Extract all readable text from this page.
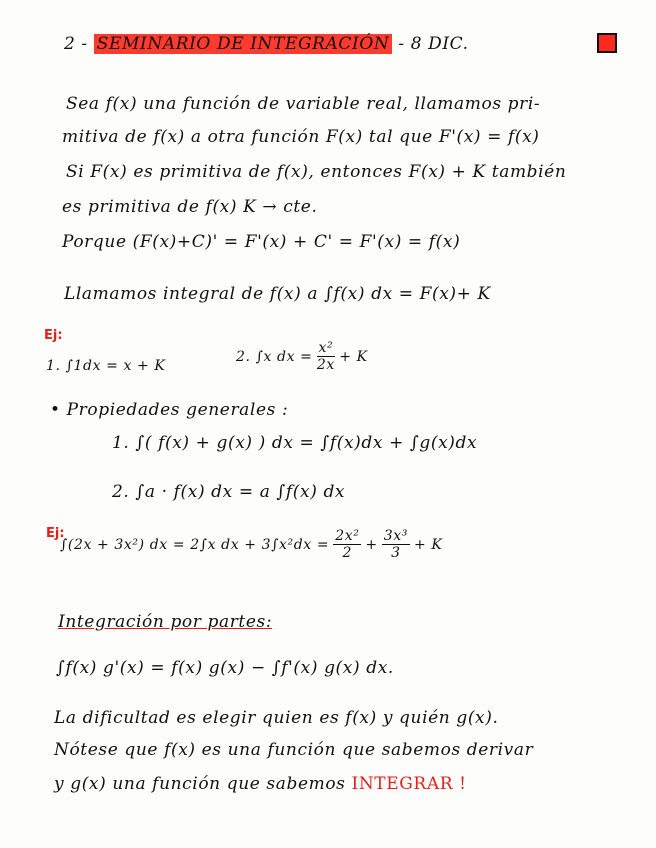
2 - SEMINARIO DE INTEGRACIÓN - 8 DIC.
Sea f(x) una función de variable real, llamamos pri-
mitiva de f(x) a otra función F(x) tal que F'(x) = f(x)
Si F(x) es primitiva de f(x), entonces F(x) + K también
es primitiva de f(x) K → cte.
Porque (F(x)+C)' = F'(x) + C' = F'(x) = f(x)
Llamamos integral de f(x) a ∫f(x) dx = F(x)+ K
Ej:
1. ∫1dx = x + K
2. ∫x dx = $\frac{\text{x²}}{2x} + K$
• Propiedades generales :
1. ∫( f(x) + g(x) ) dx = ∫f(x)dx + ∫g(x)dx
2. ∫a · f(x) dx = a ∫f(x) dx
Ej:
∫(2x + 3x²) dx = 2∫x dx + $3\int x^2dx = \frac{\text{2x²}}{2} + \frac{\text{3x³}}{3} + K$
Integración por partes:
∫f(x) g'(x) = f(x) g(x) − ∫f'(x) g(x) dx.
La dificultad es elegir quien es f(x) y quién g(x).
Nótese que f(x) es una función que sabemos derivar
y g(x) una función que sabemos INTEGRAR !
